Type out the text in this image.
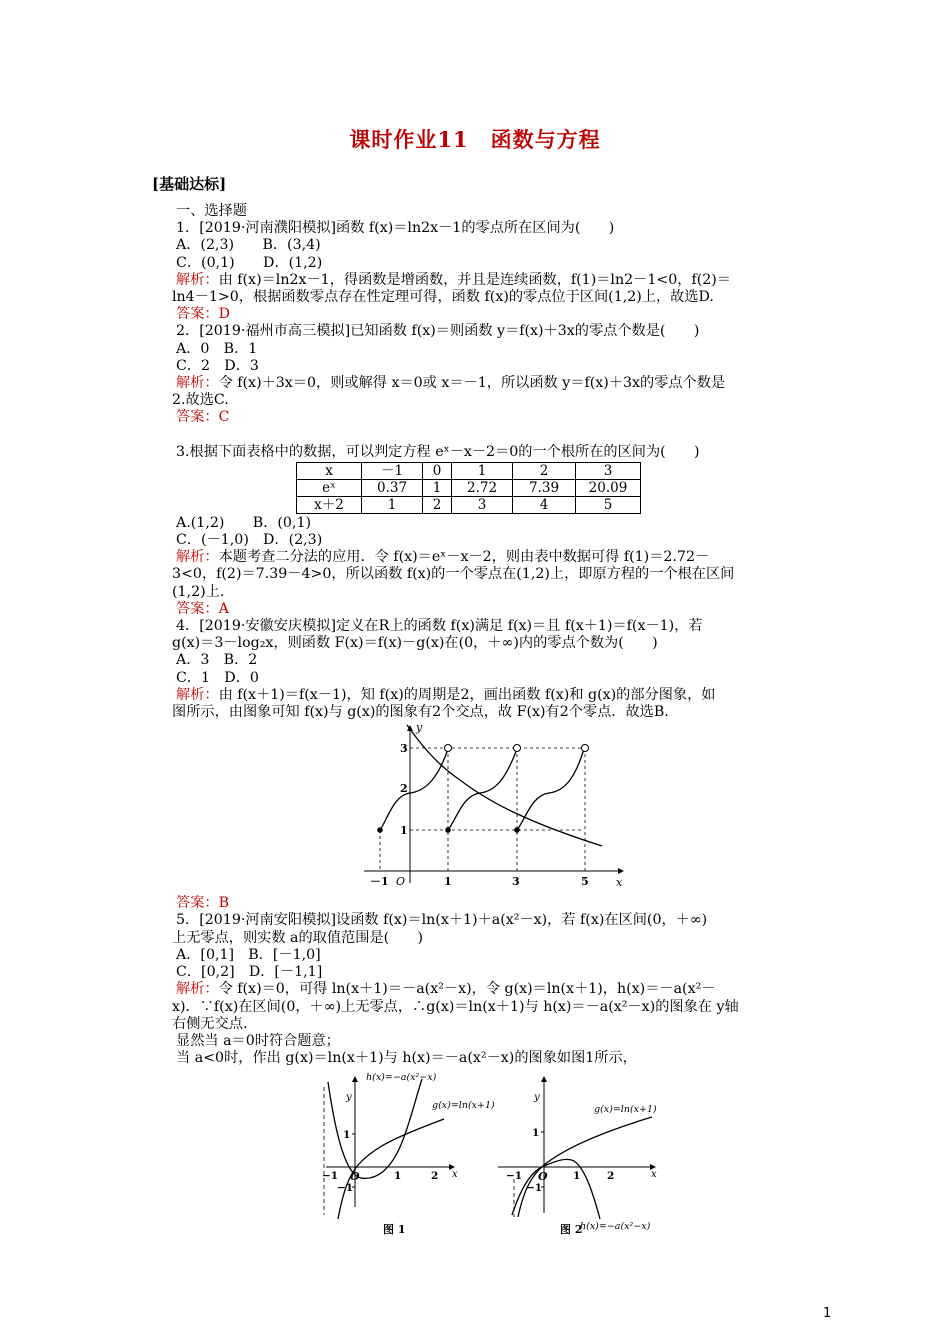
课时作业11　函数与方程
[基础达标]

一、选择题

1．[2019·河南濮阳模拟]函数 f(x)＝ln2x－1的零点所在区间为(　　)

A．(2,3)　　B．(3,4)

C．(0,1)　　D．(1,2)

解析：由 f(x)＝ln2x－1，得函数是增函数，并且是连续函数，f(1)＝ln2－1<0，f(2)＝

ln4－1>0，根据函数零点存在性定理可得，函数 f(x)的零点位于区间(1,2)上，故选D.

答案：D

2．[2019·福州市高三模拟]已知函数 f(x)＝则函数 y＝f(x)＋3x的零点个数是(　　)

A．0　B．1

C．2　D．3

解析：令 f(x)＋3x＝0，则或解得 x＝0或 x＝－1，所以函数 y＝f(x)＋3x的零点个数是

2.故选C.

答案：C

3.根据下面表格中的数据，可以判定方程 eˣ－x－2＝0的一个根所在的区间为(　　)

x	－1	0	1	2	3
eˣ	0.37	1	2.72	7.39	20.09
x＋2	1	2	3	4	5

A.(1,2)　　B．(0,1)

C．(－1,0)　D．(2,3)

解析：本题考查二分法的应用．令 f(x)＝eˣ－x－2，则由表中数据可得 f(1)＝2.72－

3<0，f(2)＝7.39－4>0，所以函数 f(x)的一个零点在(1,2)上，即原方程的一个根在区间

(1,2)上.

答案：A

4．[2019·安徽安庆模拟]定义在R上的函数 f(x)满足 f(x)＝且 f(x＋1)＝f(x－1)，若

g(x)＝3－log₂x，则函数 F(x)＝f(x)－g(x)在(0，＋∞)内的零点个数为(　　)

A．3　B．2

C．1　D．0

解析：由 f(x＋1)＝f(x－1)，知 f(x)的周期是2，画出函数 f(x)和 g(x)的部分图象，如

图所示，由图象可知 f(x)与 g(x)的图象有2个交点，故 F(x)有2个零点．故选B.

y
x
O
－1	1	3	5
1
2
3

答案：B

5．[2019·河南安阳模拟]设函数 f(x)＝ln(x＋1)＋a(x²－x)，若 f(x)在区间(0，＋∞)

上无零点，则实数 a的取值范围是(　　)

A．[0,1]　B．[－1,0]

C．[0,2]　D．[－1,1]

解析：令 f(x)＝0，可得 ln(x＋1)＝－a(x²－x)，令 g(x)＝ln(x＋1)，h(x)＝－a(x²－

x)．∵f(x)在区间(0，＋∞)上无零点，∴g(x)＝ln(x＋1)与 h(x)＝－a(x²－x)的图象在 y轴

右侧无交点.

显然当 a＝0时符合题意；

当 a<0时，作出 g(x)＝ln(x＋1)与 h(x)＝－a(x²－x)的图象如图1所示，

h(x)=−a(x²−x)
g(x)=ln(x+1)
y
x
O
−1	1	2
1
−1
图 1
g(x)=ln(x+1)
h(x)=−a(x²−x)
y
x
O
−1	1	2
1
−1
图 2
1
